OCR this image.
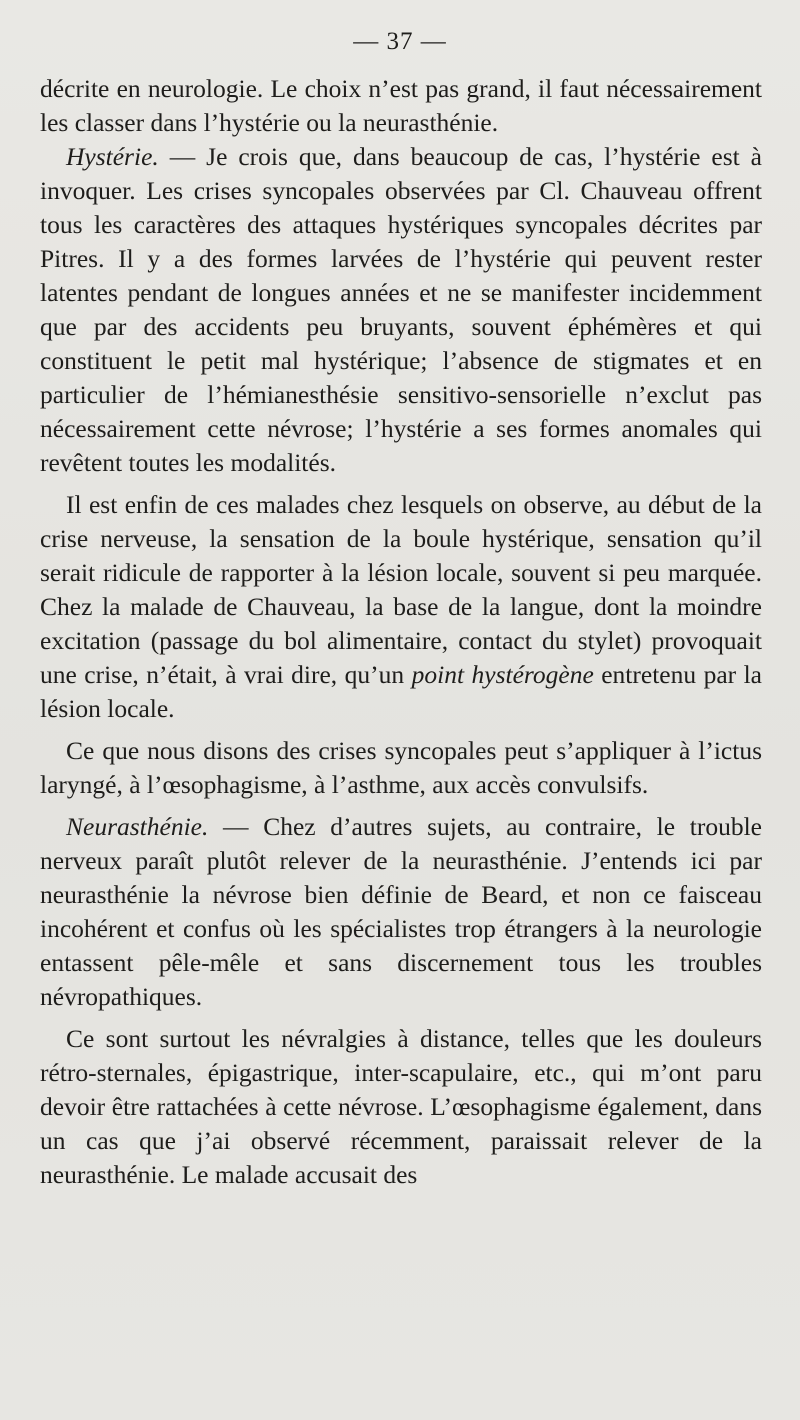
— 37 —

décrite en neurologie. Le choix n’est pas grand, il faut nécessairement les classer dans l’hystérie ou la neurasthénie.

Hystérie. — Je crois que, dans beaucoup de cas, l’hystérie est à invoquer. Les crises syncopales observées par Cl. Chauveau offrent tous les caractères des attaques hystériques syncopales décrites par Pitres. Il y a des formes larvées de l’hystérie qui peuvent rester latentes pendant de longues années et ne se manifester incidemment que par des accidents peu bruyants, souvent éphémères et qui constituent le petit mal hystérique; l’absence de stigmates et en particulier de l’hémianesthésie sensitivo-sensorielle n’exclut pas nécessairement cette névrose; l’hystérie a ses formes anomales qui revêtent toutes les modalités.

Il est enfin de ces malades chez lesquels on observe, au début de la crise nerveuse, la sensation de la boule hystérique, sensation qu’il serait ridicule de rapporter à la lésion locale, souvent si peu marquée. Chez la malade de Chauveau, la base de la langue, dont la moindre excitation (passage du bol alimentaire, contact du stylet) provoquait une crise, n’était, à vrai dire, qu’un point hystérogène entretenu par la lésion locale.

Ce que nous disons des crises syncopales peut s’appliquer à l’ictus laryngé, à l’œsophagisme, à l’asthme, aux accès convulsifs.

Neurasthénie. — Chez d’autres sujets, au contraire, le trouble nerveux paraît plutôt relever de la neurasthénie. J’entends ici par neurasthénie la névrose bien définie de Beard, et non ce faisceau incohérent et confus où les spécialistes trop étrangers à la neurologie entassent pêle-mêle et sans discernement tous les troubles névropathiques.

Ce sont surtout les névralgies à distance, telles que les douleurs rétro-sternales, épigastrique, inter-scapulaire, etc., qui m’ont paru devoir être rattachées à cette névrose. L’œsophagisme également, dans un cas que j’ai observé récemment, paraissait relever de la neurasthénie. Le malade accusait des
